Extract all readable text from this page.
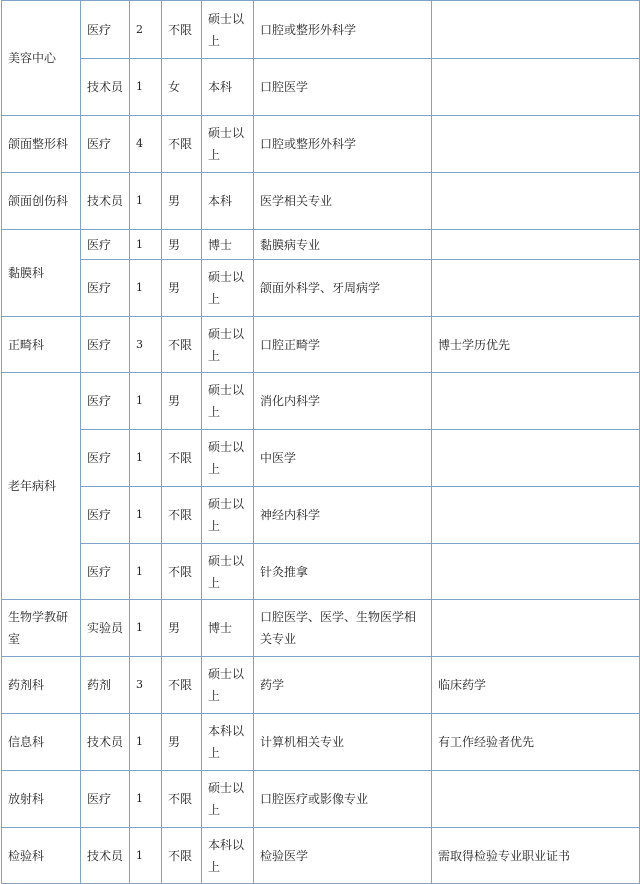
美容中心	医疗	2	不限	硕士以上	口腔或整形外科学	
	技术员	1	女	本科	口腔医学	
颌面整形科	医疗	4	不限	硕士以上	口腔或整形外科学	
颌面创伤科	技术员	1	男	本科	医学相关专业	
黏膜科	医疗	1	男	博士	黏膜病专业	
	医疗	1	男	硕士以上	颌面外科学、牙周病学	
正畸科	医疗	3	不限	硕士以上	口腔正畸学	博士学历优先
老年病科	医疗	1	男	硕士以上	消化内科学	
	医疗	1	不限	硕士以上	中医学	
	医疗	1	不限	硕士以上	神经内科学	
	医疗	1	不限	硕士以上	针灸推拿	
生物学教研室	实验员	1	男	博士	口腔医学、医学、生物医学相关专业	
药剂科	药剂	3	不限	硕士以上	药学	临床药学
信息科	技术员	1	男	本科以上	计算机相关专业	有工作经验者优先
放射科	医疗	1	不限	硕士以上	口腔医疗或影像专业	
检验科	技术员	1	不限	本科以上	检验医学	需取得检验专业职业证书
